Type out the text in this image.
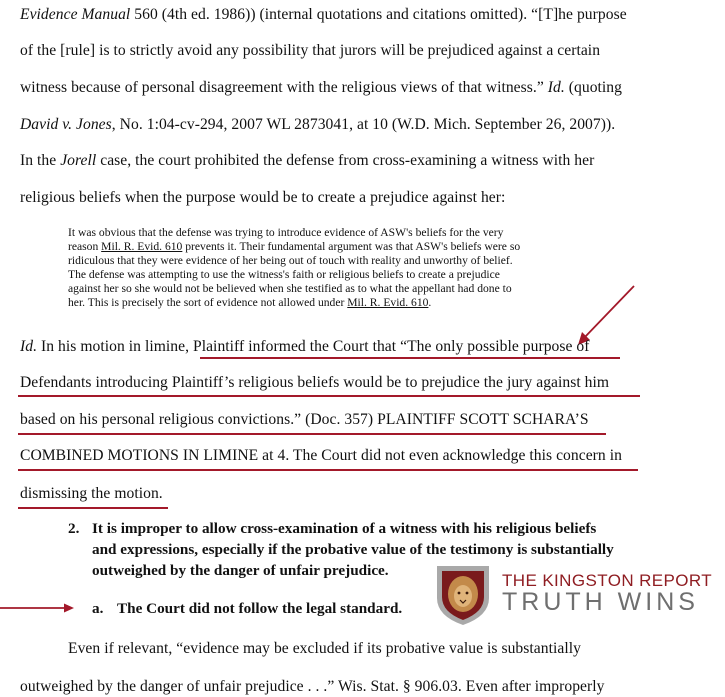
Evidence Manual 560 (4th ed. 1986)) (internal quotations and citations omitted). “[T]he purpose
of the [rule] is to strictly avoid any possibility that jurors will be prejudiced against a certain
witness because of personal disagreement with the religious views of that witness.” Id. (quoting
David v. Jones, No. 1:04-cv-294, 2007 WL 2873041, at 10 (W.D. Mich. September 26, 2007)).
In the Jorell case, the court prohibited the defense from cross-examining a witness with her
religious beliefs when the purpose would be to create a prejudice against her:
It was obvious that the defense was trying to introduce evidence of ASW's beliefs for the very
reason Mil. R. Evid. 610 prevents it. Their fundamental argument was that ASW's beliefs were so
ridiculous that they were evidence of her being out of touch with reality and unworthy of belief.
The defense was attempting to use the witness's faith or religious beliefs to create a prejudice
against her so she would not be believed when she testified as to what the appellant had done to
her. This is precisely the sort of evidence not allowed under Mil. R. Evid. 610.
Id. In his motion in limine, Plaintiff informed the Court that “The only possible purpose of
Defendants introducing Plaintiff’s religious beliefs would be to prejudice the jury against him
based on his personal religious convictions.” (Doc. 357) PLAINTIFF SCOTT SCHARA’S
COMBINED MOTIONS IN LIMINE at 4. The Court did not even acknowledge this concern in
dismissing the motion.
2. It is improper to allow cross-examination of a witness with his religious beliefs
and expressions, especially if the probative value of the testimony is substantially
outweighed by the danger of unfair prejudice.
a. The Court did not follow the legal standard.
Even if relevant, “evidence may be excluded if its probative value is substantially
outweighed by the danger of unfair prejudice . . .” Wis. Stat. § 906.03. Even after improperly
THE KINGSTON REPORT
TRUTH WINS
